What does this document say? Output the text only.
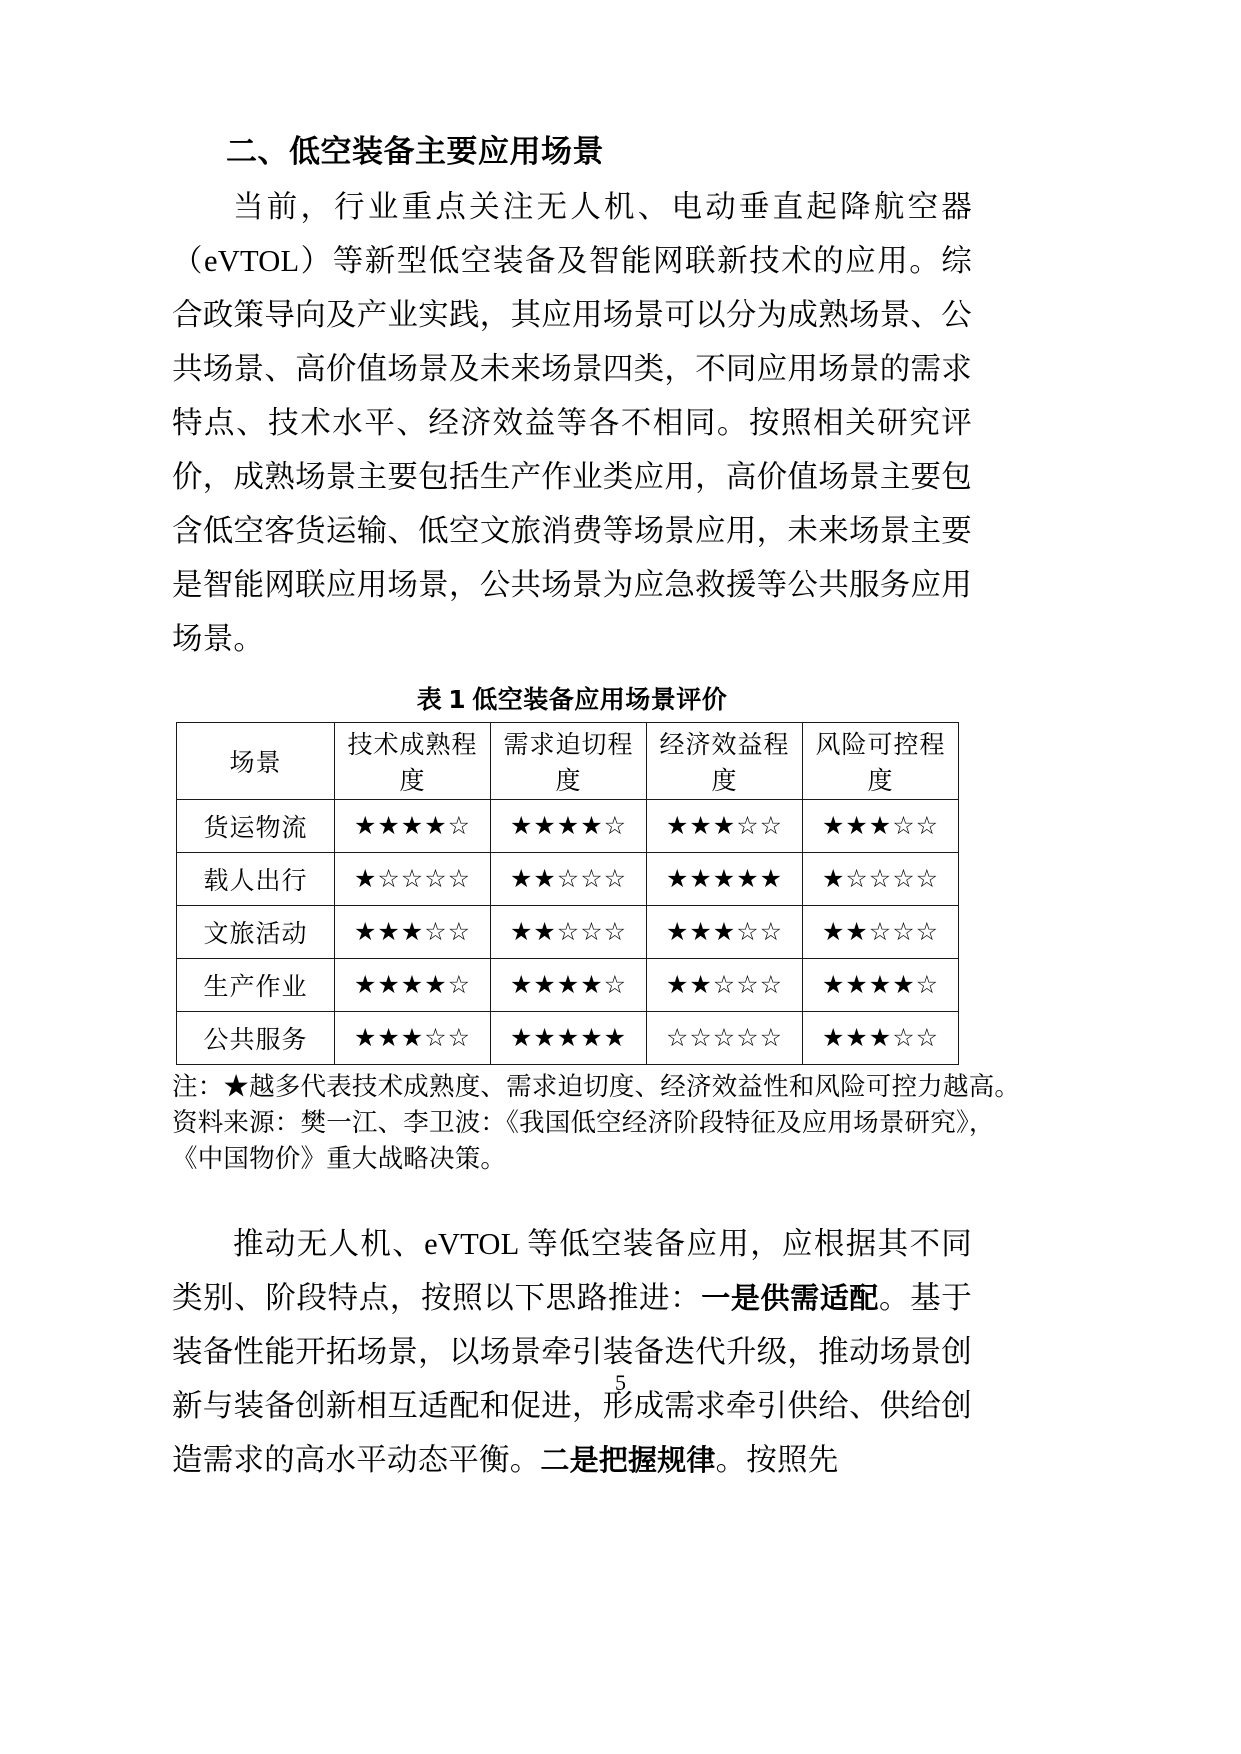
二、低空装备主要应用场景

当前，行业重点关注无人机、电动垂直起降航空器（eVTOL）等新型低空装备及智能网联新技术的应用。综合政策导向及产业实践，其应用场景可以分为成熟场景、公共场景、高价值场景及未来场景四类，不同应用场景的需求特点、技术水平、经济效益等各不相同。按照相关研究评价，成熟场景主要包括生产作业类应用，高价值场景主要包含低空客货运输、低空文旅消费等场景应用，未来场景主要是智能网联应用场景，公共场景为应急救援等公共服务应用场景。

表 1 低空装备应用场景评价
场景	技术成熟程度	需求迫切程度	经济效益程度	风险可控程度
货运物流	★★★★☆	★★★★☆	★★★☆☆	★★★☆☆
载人出行	★☆☆☆☆	★★☆☆☆	★★★★★	★☆☆☆☆
文旅活动	★★★☆☆	★★☆☆☆	★★★☆☆	★★☆☆☆
生产作业	★★★★☆	★★★★☆	★★☆☆☆	★★★★☆
公共服务	★★★☆☆	★★★★★	☆☆☆☆☆	★★★☆☆
注：★越多代表技术成熟度、需求迫切度、经济效益性和风险可控力越高。
资料来源：樊一江、李卫波：《我国低空经济阶段特征及应用场景研究》，
《中国物价》重大战略决策。

推动无人机、eVTOL 等低空装备应用，应根据其不同类别、阶段特点，按照以下思路推进：一是供需适配。基于装备性能开拓场景，以场景牵引装备迭代升级，推动场景创新与装备创新相互适配和促进，形成需求牵引供给、供给创造需求的高水平动态平衡。二是把握规律。按照先

5
